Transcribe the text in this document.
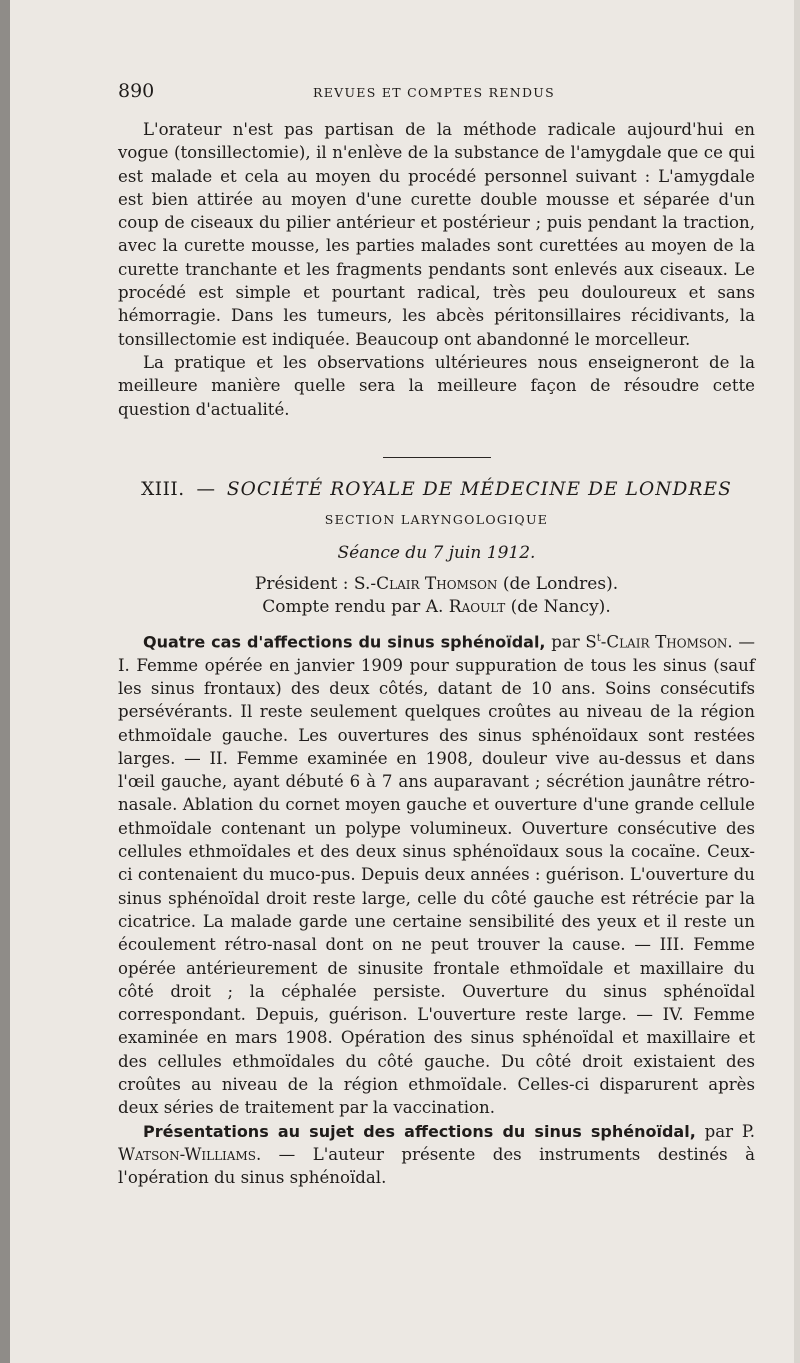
890	REVUES ET COMPTES RENDUS

L'orateur n'est pas partisan de la méthode radicale aujourd'hui en vogue (tonsillectomie), il n'enlève de la substance de l'amygdale que ce qui est malade et cela au moyen du procédé personnel suivant : L'amygdale est bien attirée au moyen d'une curette double mousse et séparée d'un coup de ciseaux du pilier antérieur et postérieur ; puis pendant la traction, avec la curette mousse, les parties malades sont curettées au moyen de la curette tranchante et les fragments pendants sont enlevés aux ciseaux. Le procédé est simple et pourtant radical, très peu douloureux et sans hémorragie. Dans les tumeurs, les abcès péritonsillaires récidivants, la tonsillectomie est indiquée. Beaucoup ont abandonné le morcelleur.

La pratique et les observations ultérieures nous enseigneront de la meilleure manière quelle sera la meilleure façon de résoudre cette question d'actualité.

XIII. — SOCIÉTÉ ROYALE DE MÉDECINE DE LONDRES
SECTION LARYNGOLOGIQUE
Séance du 7 juin 1912.
Président : S.-Clair Thomson (de Londres).
Compte rendu par A. Raoult (de Nancy).

Quatre cas d'affections du sinus sphénoïdal, par $S^t$-Clair Thomson. — I. Femme opérée en janvier 1909 pour suppuration de tous les sinus (sauf les sinus frontaux) des deux côtés, datant de 10 ans. Soins consécutifs persévérants. Il reste seulement quelques croûtes au niveau de la région ethmoïdale gauche. Les ouvertures des sinus sphénoïdaux sont restées larges. — II. Femme examinée en 1908, douleur vive au-dessus et dans l'œil gauche, ayant débuté 6 à 7 ans auparavant ; sécrétion jaunâtre rétro-nasale. Ablation du cornet moyen gauche et ouverture d'une grande cellule ethmoïdale contenant un polype volumineux. Ouverture consécutive des cellules ethmoïdales et des deux sinus sphénoïdaux sous la cocaïne. Ceux-ci contenaient du muco-pus. Depuis deux années : guérison. L'ouverture du sinus sphénoïdal droit reste large, celle du côté gauche est rétrécie par la cicatrice. La malade garde une certaine sensibilité des yeux et il reste un écoulement rétro-nasal dont on ne peut trouver la cause. — III. Femme opérée antérieurement de sinusite frontale ethmoïdale et maxillaire du côté droit ; la céphalée persiste. Ouverture du sinus sphénoïdal correspondant. Depuis, guérison. L'ouverture reste large. — IV. Femme examinée en mars 1908. Opération des sinus sphénoïdal et maxillaire et des cellules ethmoïdales du côté gauche. Du côté droit existaient des croûtes au niveau de la région ethmoïdale. Celles-ci disparurent après deux séries de traitement par la vaccination.

Présentations au sujet des affections du sinus sphénoïdal, par P. Watson-Williams. — L'auteur présente des instruments destinés à l'opération du sinus sphénoïdal.
